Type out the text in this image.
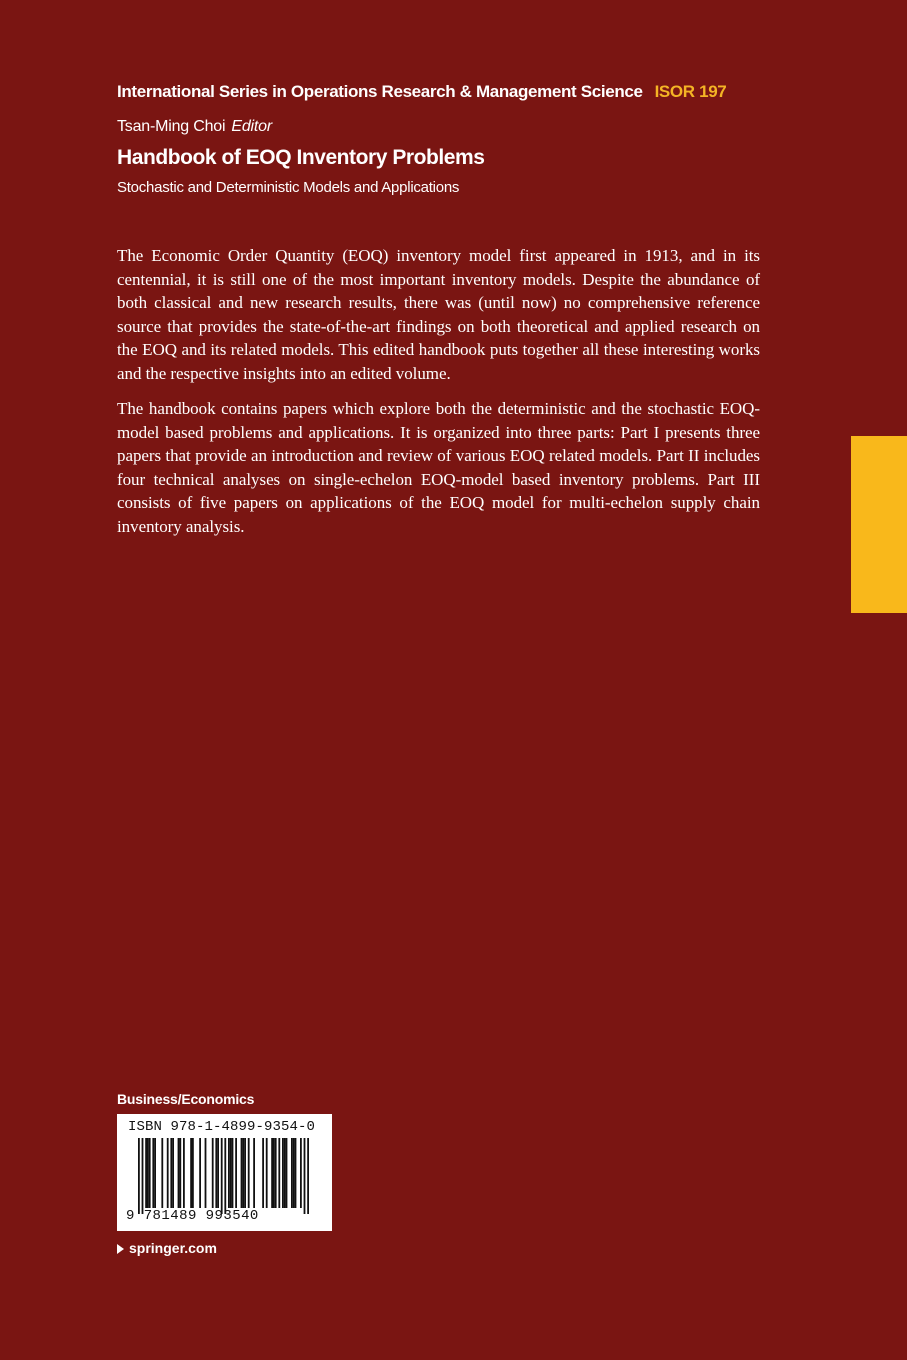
International Series in Operations Research & Management Science ISOR 197
Tsan-Ming Choi Editor
Handbook of EOQ Inventory Problems
Stochastic and Deterministic Models and Applications

The Economic Order Quantity (EOQ) inventory model first appeared in 1913, and in its centennial, it is still one of the most important inventory models. Despite the abundance of both classical and new research results, there was (until now) no comprehensive reference source that provides the state-of-the-art findings on both theoretical and applied research on the EOQ and its related models. This edited handbook puts together all these interesting works and the respective insights into an edited volume.

The handbook contains papers which explore both the deterministic and the stochastic EOQ-model based problems and applications. It is organized into three parts: Part I presents three papers that provide an introduction and review of various EOQ related models. Part II includes four technical analyses on single-echelon EOQ-model based inventory problems. Part III consists of five papers on applications of the EOQ model for multi-echelon supply chain inventory analysis.

Business/Economics
ISBN 978-1-4899-9354-0
9 781489 993540
springer.com
